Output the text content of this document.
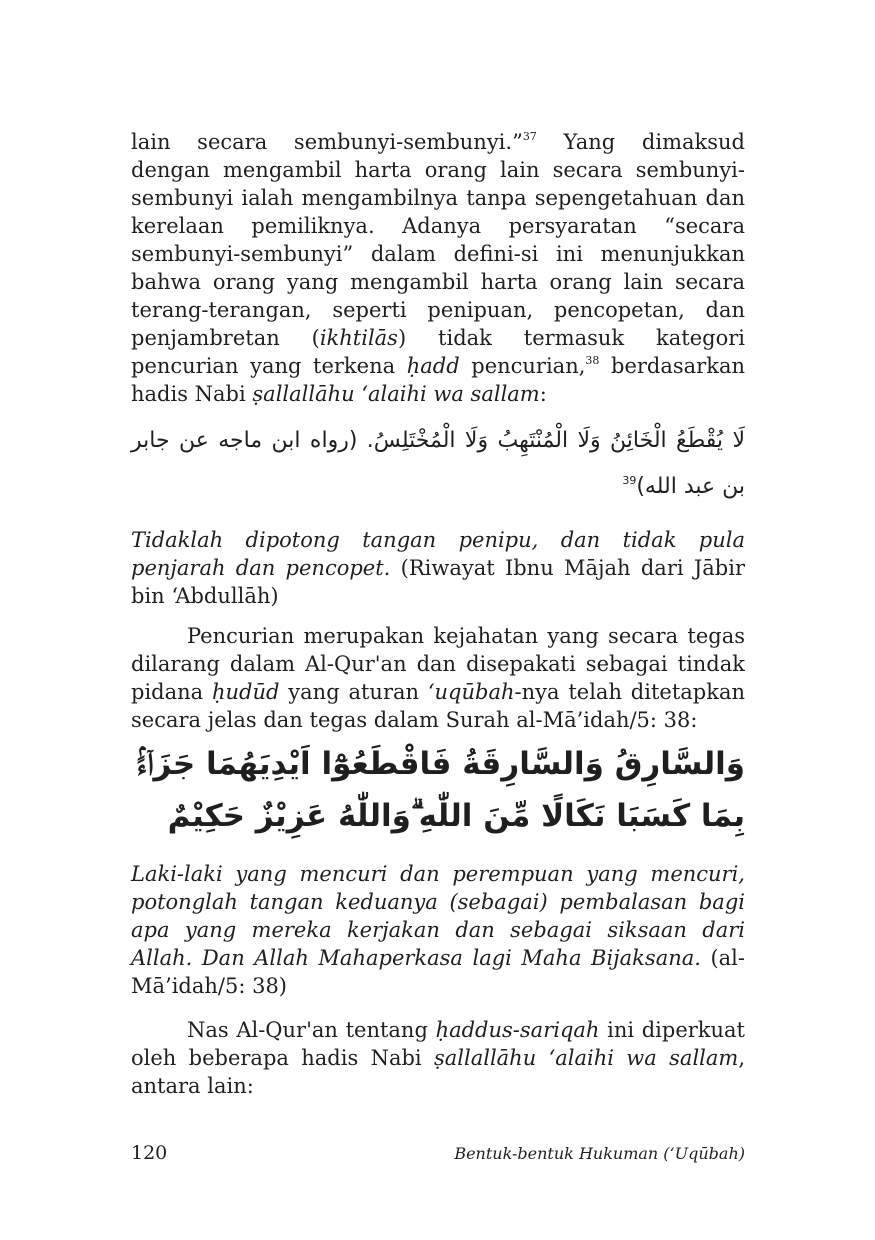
lain secara sembunyi-sembunyi.”$^{37}$ Yang dimaksud dengan mengambil harta orang lain secara sembunyi-sembunyi ialah mengambilnya tanpa sepengetahuan dan kerelaan pemiliknya. Adanya persyaratan “secara sembunyi-sembunyi” dalam defini-si ini menunjukkan bahwa orang yang mengambil harta orang lain secara terang-terangan, seperti penipuan, pencopetan, dan penjambretan (ikhtilās) tidak termasuk kategori pencurian yang terkena ḥadd pencurian,$^{38}$ berdasarkan hadis Nabi ṣallallāhu ‘alaihi wa sallam:

لَا يُقْطَعُ الْخَائِنُ وَلَا الْمُنْتَهِبُ وَلَا الْمُخْتَلِسُ. (رواه ابن ماجه عن جابر بن عبد الله)$^{39}$

Tidaklah dipotong tangan penipu, dan tidak pula penjarah dan pencopet. (Riwayat Ibnu Mājah dari Jābir bin ‘Abdullāh)

Pencurian merupakan kejahatan yang secara tegas dilarang dalam Al-Qur'an dan disepakati sebagai tindak pidana ḥudūd yang aturan ‘uqūbah-nya telah ditetapkan secara jelas dan tegas dalam Surah al-Mā’idah/5: 38:

وَالسَّارِقُ وَالسَّارِقَةُ فَاقْطَعُوْٓا اَيْدِيَهُمَا جَزَاۤءًۢ بِمَا كَسَبَا نَكَالًا مِّنَ اللّٰهِ ۗوَاللّٰهُ عَزِيْزٌ حَكِيْمٌ

Laki-laki yang mencuri dan perempuan yang mencuri, potonglah tangan keduanya (sebagai) pembalasan bagi apa yang mereka kerjakan dan sebagai siksaan dari Allah. Dan Allah Mahaperkasa lagi Maha Bijaksana. (al-Mā’idah/5: 38)

Nas Al-Qur'an tentang ḥaddus-sariqah ini diperkuat oleh beberapa hadis Nabi ṣallallāhu ‘alaihi wa sallam, antara lain:

120	Bentuk-bentuk Hukuman (‘Uqūbah)
